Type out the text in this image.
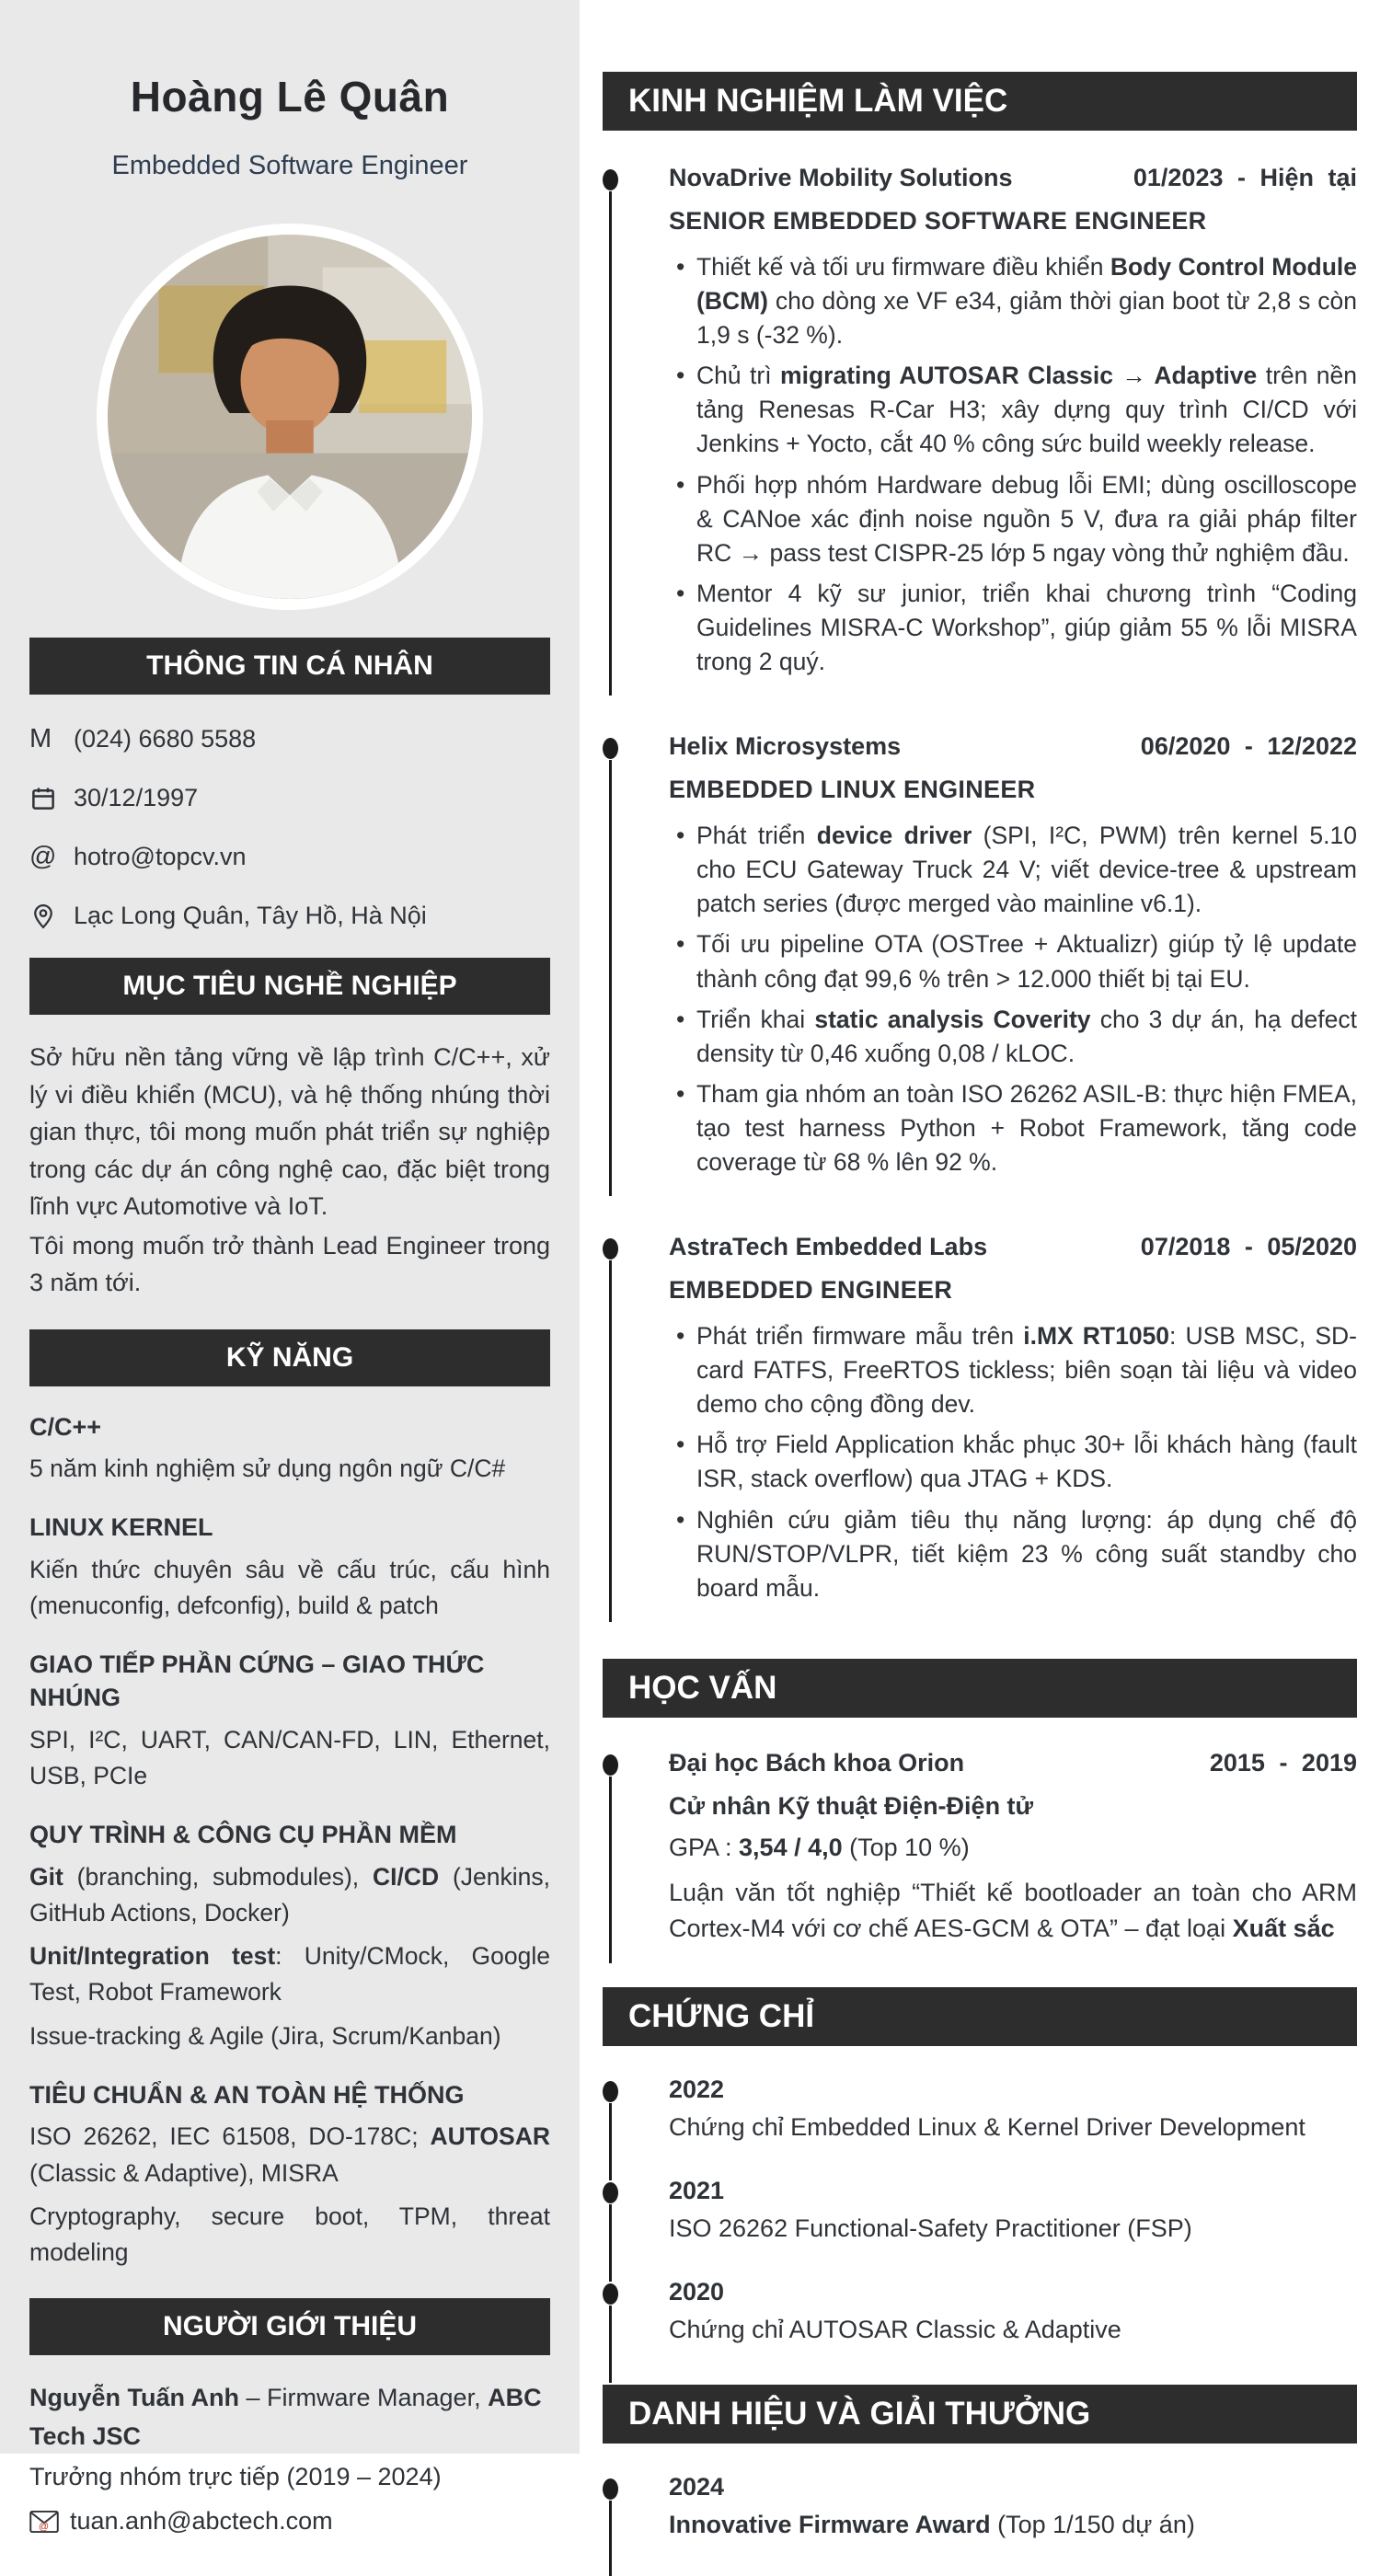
Hoàng Lê Quân
Embedded Software Engineer
THÔNG TIN CÁ NHÂN
M (024) 6680 5588
30/12/1997
@ hotro@topcv.vn
Lạc Long Quân, Tây Hồ, Hà Nội
MỤC TIÊU NGHỀ NGHIỆP

Sở hữu nền tảng vững về lập trình C/C++, xử lý vi điều khiển (MCU), và hệ thống nhúng thời gian thực, tôi mong muốn phát triển sự nghiệp trong các dự án công nghệ cao, đặc biệt trong lĩnh vực Automotive và IoT.

Tôi mong muốn trở thành Lead Engineer trong 3 năm tới.

KỸ NĂNG
C/C++

5 năm kinh nghiệm sử dụng ngôn ngữ C/C#

LINUX KERNEL

Kiến thức chuyên sâu về cấu trúc, cấu hình (menuconfig, defconfig), build & patch

GIAO TIẾP PHẦN CỨNG – GIAO THỨC NHÚNG

SPI, I²C, UART, CAN/CAN-FD, LIN, Ethernet, USB, PCIe

QUY TRÌNH & CÔNG CỤ PHẦN MỀM

Git (branching, submodules), CI/CD (Jenkins, GitHub Actions, Docker)

Unit/Integration test: Unity/CMock, Google Test, Robot Framework

Issue-tracking & Agile (Jira, Scrum/Kanban)

TIÊU CHUẨN & AN TOÀN HỆ THỐNG

ISO 26262, IEC 61508, DO-178C; AUTOSAR (Classic & Adaptive), MISRA

Cryptography, secure boot, TPM, threat modeling

NGƯỜI GIỚI THIỆU

Nguyễn Tuấn Anh – Firmware Manager, ABC Tech JSC

Trưởng nhóm trực tiếp (2019 – 2024)

@ tuan.anh@abctech.com
KINH NGHIỆM LÀM VIỆC
NovaDrive Mobility Solutions	01/2023 - Hiện tại
SENIOR EMBEDDED SOFTWARE ENGINEER
• Thiết kế và tối ưu firmware điều khiển Body Control Module (BCM) cho dòng xe VF e34, giảm thời gian boot từ 2,8 s còn 1,9 s (-32 %).
• Chủ trì migrating AUTOSAR Classic → Adaptive trên nền tảng Renesas R-Car H3; xây dựng quy trình CI/CD với Jenkins + Yocto, cắt 40 % công sức build weekly release.
• Phối hợp nhóm Hardware debug lỗi EMI; dùng oscilloscope & CANoe xác định noise nguồn 5 V, đưa ra giải pháp filter RC → pass test CISPR-25 lớp 5 ngay vòng thử nghiệm đầu.
• Mentor 4 kỹ sư junior, triển khai chương trình “Coding Guidelines MISRA-C Workshop”, giúp giảm 55 % lỗi MISRA trong 2 quý.
Helix Microsystems	06/2020 - 12/2022
EMBEDDED LINUX ENGINEER
• Phát triển device driver (SPI, I²C, PWM) trên kernel 5.10 cho ECU Gateway Truck 24 V; viết device-tree & upstream patch series (được merged vào mainline v6.1).
• Tối ưu pipeline OTA (OSTree + Aktualizr) giúp tỷ lệ update thành công đạt 99,6 % trên > 12.000 thiết bị tại EU.
• Triển khai static analysis Coverity cho 3 dự án, hạ defect density từ 0,46 xuống 0,08 / kLOC.
• Tham gia nhóm an toàn ISO 26262 ASIL-B: thực hiện FMEA, tạo test harness Python + Robot Framework, tăng code coverage từ 68 % lên 92 %.
AstraTech Embedded Labs	07/2018 - 05/2020
EMBEDDED ENGINEER
• Phát triển firmware mẫu trên i.MX RT1050: USB MSC, SD-card FATFS, FreeRTOS tickless; biên soạn tài liệu và video demo cho cộng đồng dev.
• Hỗ trợ Field Application khắc phục 30+ lỗi khách hàng (fault ISR, stack overflow) qua JTAG + KDS.
• Nghiên cứu giảm tiêu thụ năng lượng: áp dụng chế độ RUN/STOP/VLPR, tiết kiệm 23 % công suất standby cho board mẫu.
HỌC VẤN
Đại học Bách khoa Orion	2015 - 2019
Cử nhân Kỹ thuật Điện-Điện tử

GPA : 3,54 / 4,0 (Top 10 %)

Luận văn tốt nghiệp “Thiết kế bootloader an toàn cho ARM Cortex-M4 với cơ chế AES-GCM & OTA” – đạt loại Xuất sắc

CHỨNG CHỈ
2022
Chứng chỉ Embedded Linux & Kernel Driver Development
2021
ISO 26262 Functional-Safety Practitioner (FSP)
2020
Chứng chỉ AUTOSAR Classic & Adaptive
DANH HIỆU VÀ GIẢI THƯỞNG
2024
Innovative Firmware Award (Top 1/150 dự án)
